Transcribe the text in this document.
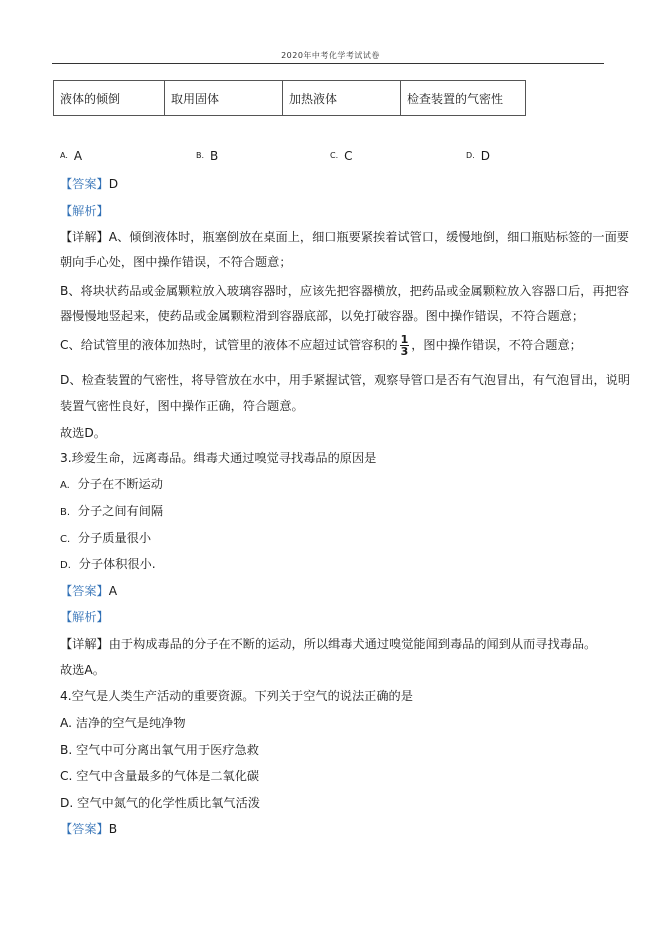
2020年中考化学考试试卷
液体的倾倒	取用固体	加热液体	检查装置的气密性
A. A	B. B	C. C	D. D
【答案】D
【解析】
【详解】A、倾倒液体时，瓶塞倒放在桌面上，细口瓶要紧挨着试管口，缓慢地倒，细口瓶贴标签的一面要
朝向手心处，图中操作错误，不符合题意；
B、将块状药品或金属颗粒放入玻璃容器时，应该先把容器横放，把药品或金属颗粒放入容器口后，再把容
器慢慢地竖起来，使药品或金属颗粒滑到容器底部，以免打破容器。图中操作错误，不符合题意；
C、给试管里的液体加热时，试管里的液体不应超过试管容积的 $\frac{1}{3}$ ，图中操作错误，不符合题意；
D、检查装置的气密性，将导管放在水中，用手紧握试管，观察导管口是否有气泡冒出，有气泡冒出，说明
装置气密性良好，图中操作正确，符合题意。
故选D。
3.珍爱生命，远离毒品。缉毒犬通过嗅觉寻找毒品的原因是
A. 分子在不断运动
B. 分子之间有间隔
C. 分子质量很小
D. 分子体积很小.
【答案】A
【解析】
【详解】由于构成毒品的分子在不断的运动，所以缉毒犬通过嗅觉能闻到毒品的闻到从而寻找毒品。
故选A。
4.空气是人类生产活动的重要资源。下列关于空气的说法正确的是
A. 洁净的空气是纯净物
B. 空气中可分离出氧气用于医疗急救
C. 空气中含量最多的气体是二氧化碳
D. 空气中氮气的化学性质比氧气活泼
【答案】B
